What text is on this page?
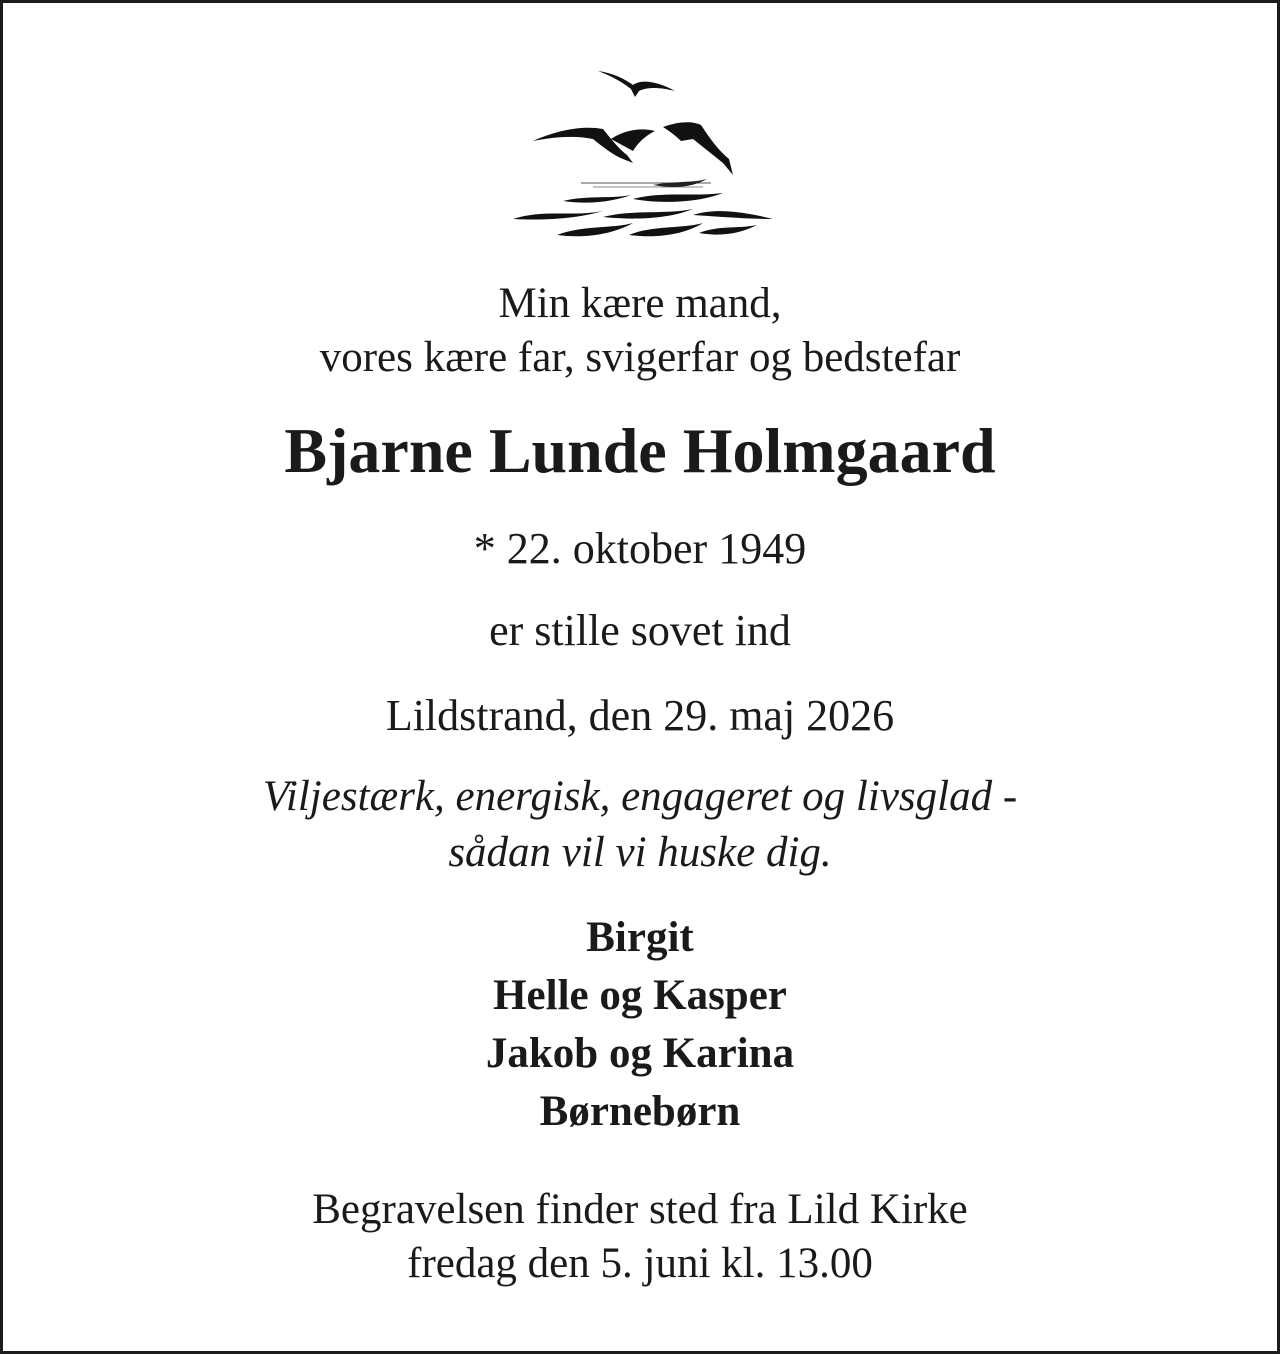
Min kære mand,
vores kære far, svigerfar og bedstefar
Bjarne Lunde Holmgaard
* 22. oktober 1949
er stille sovet ind
Lildstrand, den 29. maj 2026
Viljestærk, energisk, engageret og livsglad -
sådan vil vi huske dig.
Birgit
Helle og Kasper
Jakob og Karina
Børnebørn
Begravelsen finder sted fra Lild Kirke
fredag den 5. juni kl. 13.00
